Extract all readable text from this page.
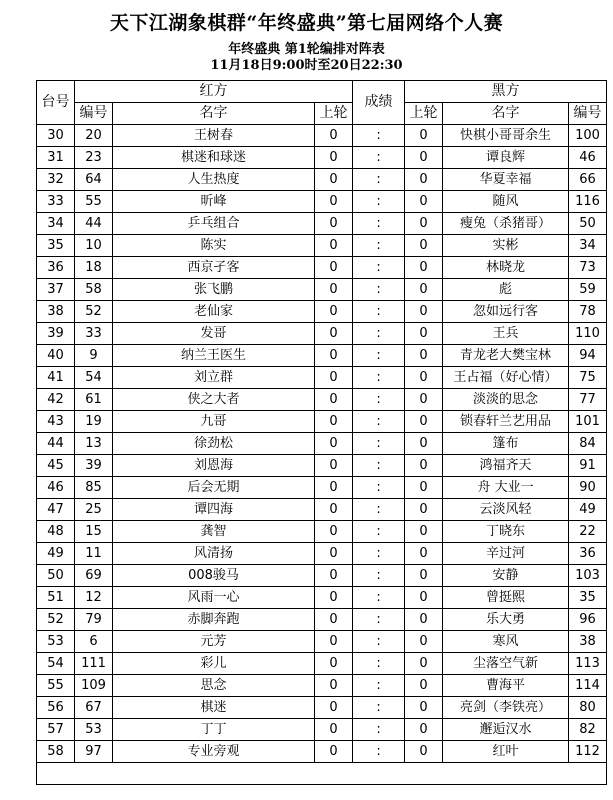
天下江湖象棋群“年终盛典”第七届网络个人赛
年终盛典 第1轮编排对阵表
11月18日9:00时至20日22:30
台号	红方			成绩	黑方		
	编号	名字	上轮		上轮	名字	编号
30	20	王树春	0	:	0	快棋小哥哥余生	100
31	23	棋迷和球迷	0	:	0	谭良辉	46
32	64	人生热度	0	:	0	华夏幸福	66
33	55	昕峰	0	:	0	随风	116
34	44	乒乓组合	0	:	0	瘦兔（杀猪哥）	50
35	10	陈实	0	:	0	实彬	34
36	18	西京孑客	0	:	0	林晓龙	73
37	58	张飞鹏	0	:	0	彪	59
38	52	老仙家	0	:	0	忽如远行客	78
39	33	发哥	0	:	0	王兵	110
40	9	纳兰王医生	0	:	0	青龙老大樊宝林	94
41	54	刘立群	0	:	0	王占福（好心情）	75
42	61	侠之大者	0	:	0	淡淡的思念	77
43	19	九哥	0	:	0	锁春轩兰艺用品	101
44	13	徐劲松	0	:	0	篷布	84
45	39	刘恩海	0	:	0	鸿福齐天	91
46	85	后会无期	0	:	0	舟 大业一	90
47	25	谭四海	0	:	0	云淡风轻	49
48	15	龚智	0	:	0	丁晓东	22
49	11	风清扬	0	:	0	辛过河	36
50	69	008骏马	0	:	0	安静	103
51	12	风雨一心	0	:	0	曾挺熙	35
52	79	赤脚奔跑	0	:	0	乐大勇	96
53	6	元芳	0	:	0	寒风	38
54	111	彩儿	0	:	0	尘落空气新	113
55	109	思念	0	:	0	曹海平	114
56	67	棋迷	0	:	0	亮剑（李铁亮）	80
57	53	丁丁	0	:	0	邂逅汉水	82
58	97	专业旁观	0	:	0	红叶	112
